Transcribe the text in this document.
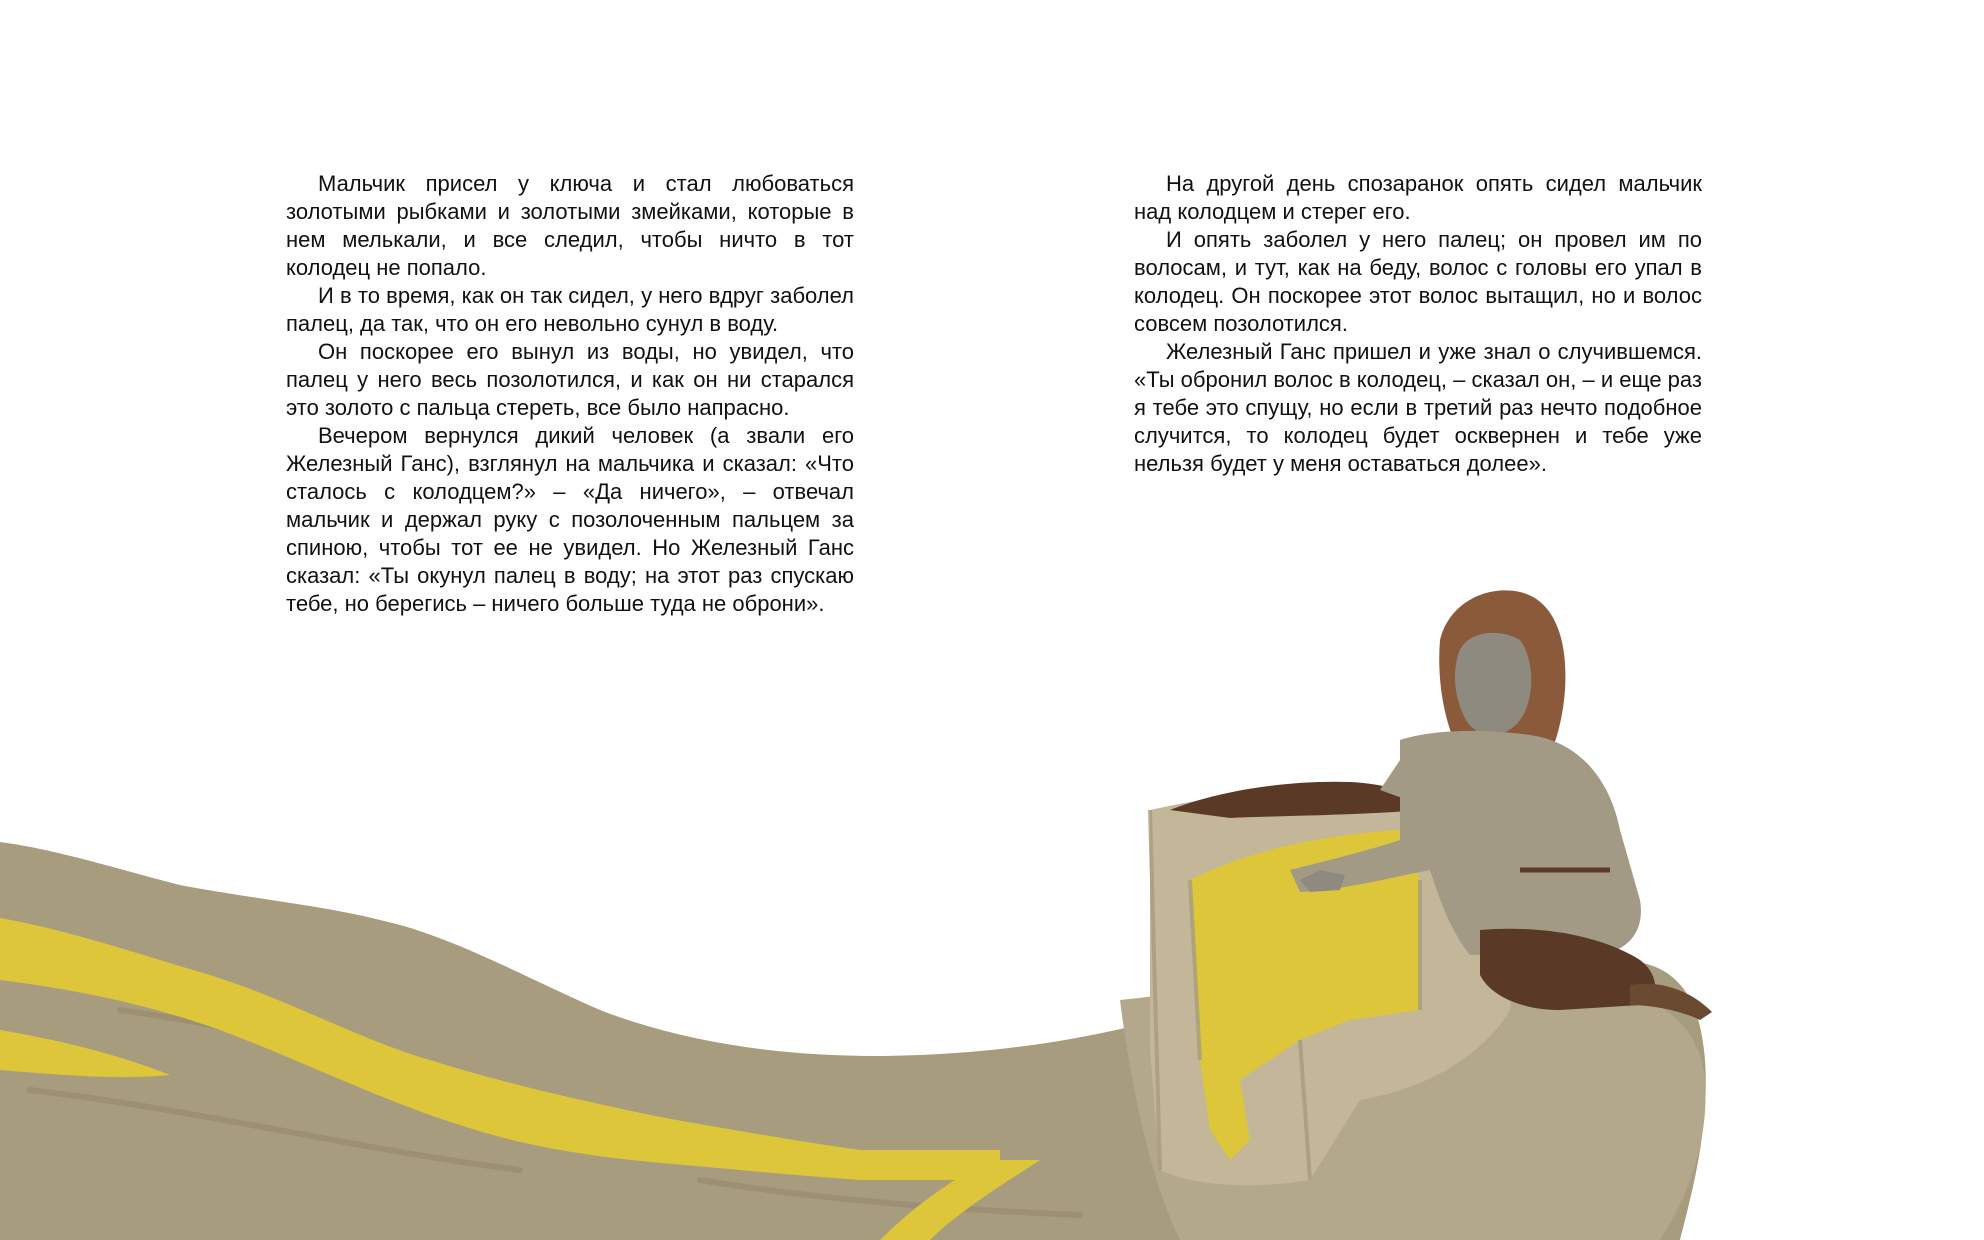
Мальчик присел у ключа и стал любоваться золотыми рыбками и золотыми змейками, которые в нем мелькали, и все следил, чтобы ничто в тот колодец не попало.

И в то время, как он так сидел, у него вдруг заболел палец, да так, что он его невольно сунул в воду.

Он поскорее его вынул из воды, но увидел, что палец у него весь позолотился, и как он ни старался это золото с пальца стереть, все было напрасно.

Вечером вернулся дикий человек (а звали его Железный Ганс), взглянул на мальчика и сказал: «Что сталось с колодцем?» – «Да ничего», – отвечал мальчик и держал руку с позолоченным пальцем за спиною, чтобы тот ее не увидел. Но Железный Ганс сказал: «Ты окунул палец в воду; на этот раз спускаю тебе, но берегись – ничего больше туда не оброни».

На другой день спозаранок опять сидел мальчик над колодцем и стерег его.

И опять заболел у него палец; он провел им по волосам, и тут, как на беду, волос с головы его упал в колодец. Он поскорее этот волос вытащил, но и волос совсем позолотился.

Железный Ганс пришел и уже знал о случившемся. «Ты обронил волос в колодец, – сказал он, – и еще раз я тебе это спущу, но если в третий раз нечто подобное случится, то колодец будет осквернен и тебе уже нельзя будет у меня оставаться долее».
